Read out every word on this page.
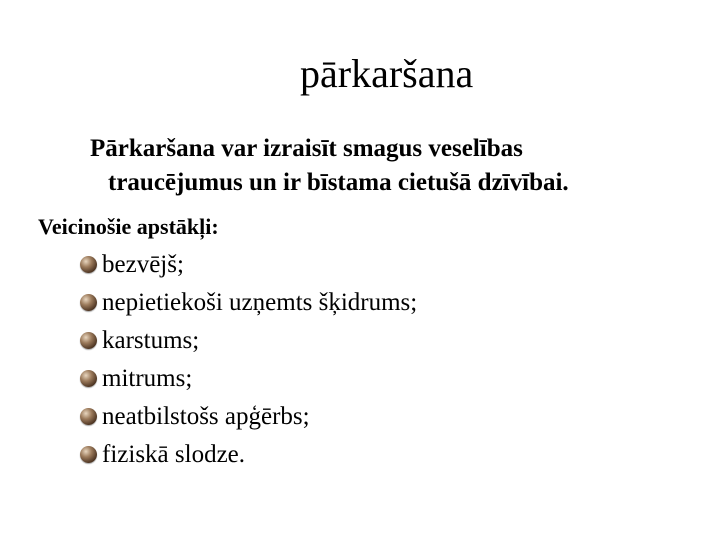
pārkaršana
Pārkaršana var izraisīt smagus veselības
traucējumus un ir bīstama cietušā dzīvībai.
Veicinošie apstākļi:
bezvējš;
nepietiekoši uzņemts šķidrums;
karstums;
mitrums;
neatbilstošs apģērbs;
fiziskā slodze.
